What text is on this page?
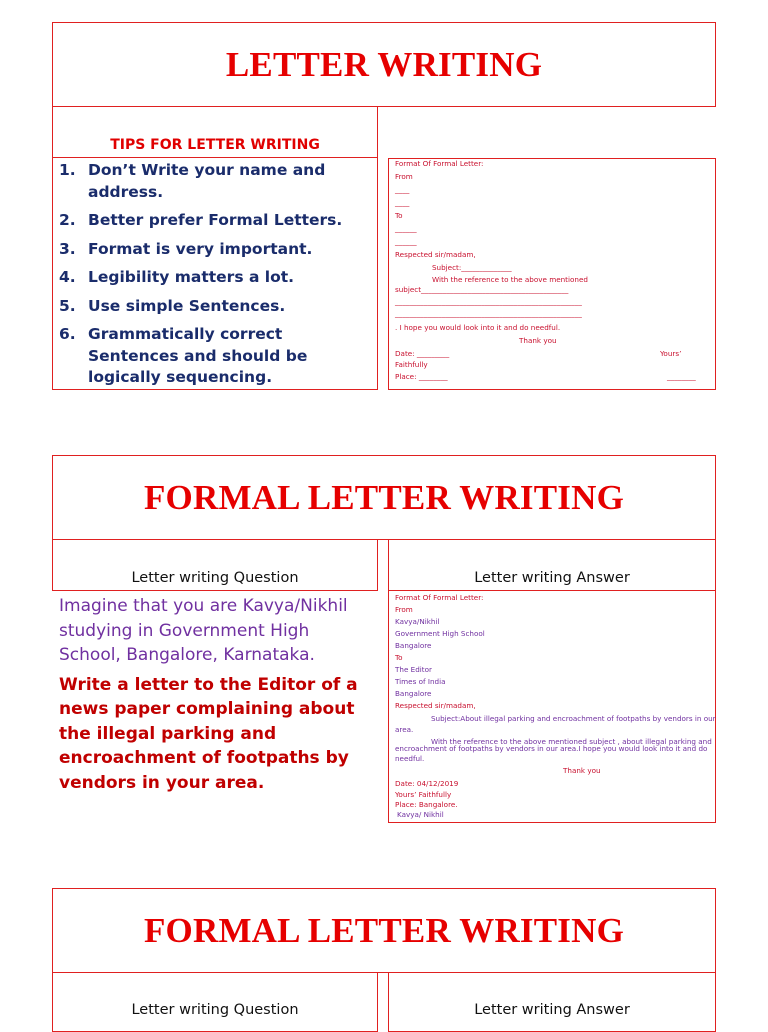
LETTER WRITING
TIPS FOR LETTER WRITING
1. Don’t Write your name and address.
2. Better prefer Formal Letters.
3. Format is very important.
4. Legibility matters a lot.
5. Use simple Sentences.
6. Grammatically correct Sentences and should be logically sequencing.
Format Of Formal Letter:
From
____
____
To
______
______
Respected sir/madam,
Subject:______________
With the reference to the above mentioned
subject_________________________________________
____________________________________________________
____________________________________________________
. I hope you would look into it and do needful.
Thank you
Date: _________	Yours’
Faithfully
Place: ________	________
FORMAL LETTER WRITING
Letter writing Question	Letter writing Answer

Imagine that you are Kavya/Nikhil studying in Government High School, Bangalore, Karnataka.

Write a letter to the Editor of a news paper complaining about the illegal parking and encroachment of footpaths by vendors in your area.

Format Of Formal Letter:
From
Kavya/Nikhil
Government High School
Bangalore
To
The Editor
Times of India
Bangalore
Respected sir/madam,
Subject:About illegal parking and encroachment of footpaths by vendors in our
area.
With the reference to the above mentioned subject , about illegal parking and
encroachment of footpaths by vendors in our area.I hope you would look into it and do
needful.
Thank you
Date: 04/12/2019
Yours’ Faithfully
Place: Bangalore.
Kavya/ Nikhil
FORMAL LETTER WRITING
Letter writing Question	Letter writing Answer
